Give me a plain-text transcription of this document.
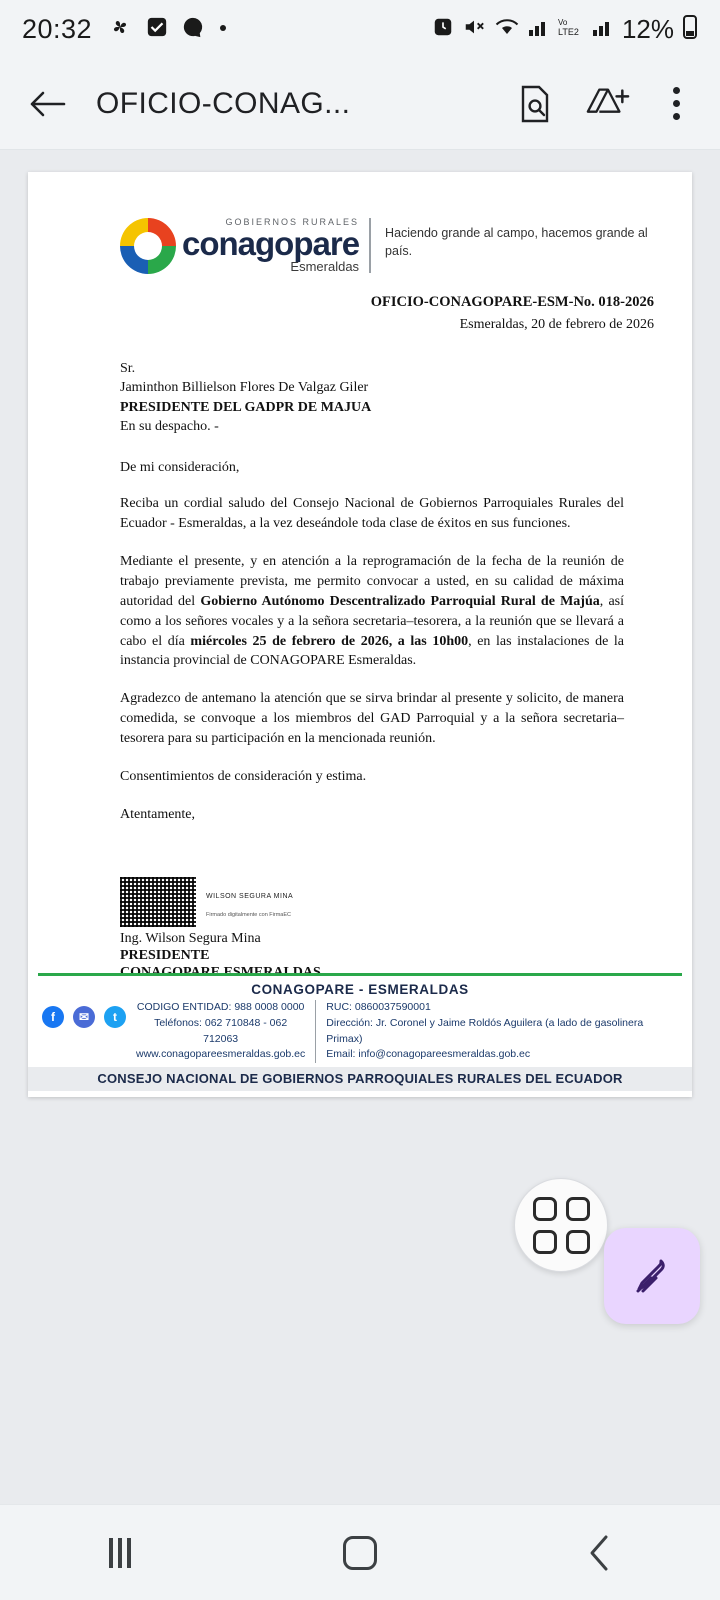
20:32	Vo
LTE2 12%
OFICIO-CONAG...
GOBIERNOS RURALES
conagopare
Esmeraldas
Haciendo grande al campo, hacemos grande al país.
OFICIO-CONAGOPARE-ESM-No. 018-2026
Esmeraldas, 20 de febrero de 2026
Sr.
Jaminthon Billielson Flores De Valgaz Giler
PRESIDENTE DEL GADPR DE MAJUA
En su despacho. -
De mi consideración,
Reciba un cordial saludo del Consejo Nacional de Gobiernos Parroquiales Rurales del Ecuador - Esmeraldas, a la vez deseándole toda clase de éxitos en sus funciones.
Mediante el presente, y en atención a la reprogramación de la fecha de la reunión de trabajo previamente prevista, me permito convocar a usted, en su calidad de máxima autoridad del Gobierno Autónomo Descentralizado Parroquial Rural de Majúa, así como a los señores vocales y a la señora secretaria–tesorera, a la reunión que se llevará a cabo el día miércoles 25 de febrero de 2026, a las 10h00, en las instalaciones de la instancia provincial de CONAGOPARE Esmeraldas.
Agradezco de antemano la atención que se sirva brindar al presente y solicito, de manera comedida, se convoque a los miembros del GAD Parroquial y a la señora secretaria–tesorera para su participación en la mencionada reunión.
Consentimientos de consideración y estima.
Atentamente,
WILSON SEGURA MINA
Firmado digitalmente con FirmaEC
Ing. Wilson Segura Mina
PRESIDENTE
CONAGOPARE - ESMERALDAS
f	✉	t
CODIGO ENTIDAD: 988 0008 0000
Teléfonos: 062 710848 - 062 712063
www.conagopareesmeraldas.gob.ec
RUC: 0860037590001
Dirección: Jr. Coronel y Jaime Roldós Aguilera (a lado de gasolinera Primax)
Email: info@conagopareesmeraldas.gob.ec
CONSEJO NACIONAL DE GOBIERNOS PARROQUIALES RURALES DEL ECUADOR
